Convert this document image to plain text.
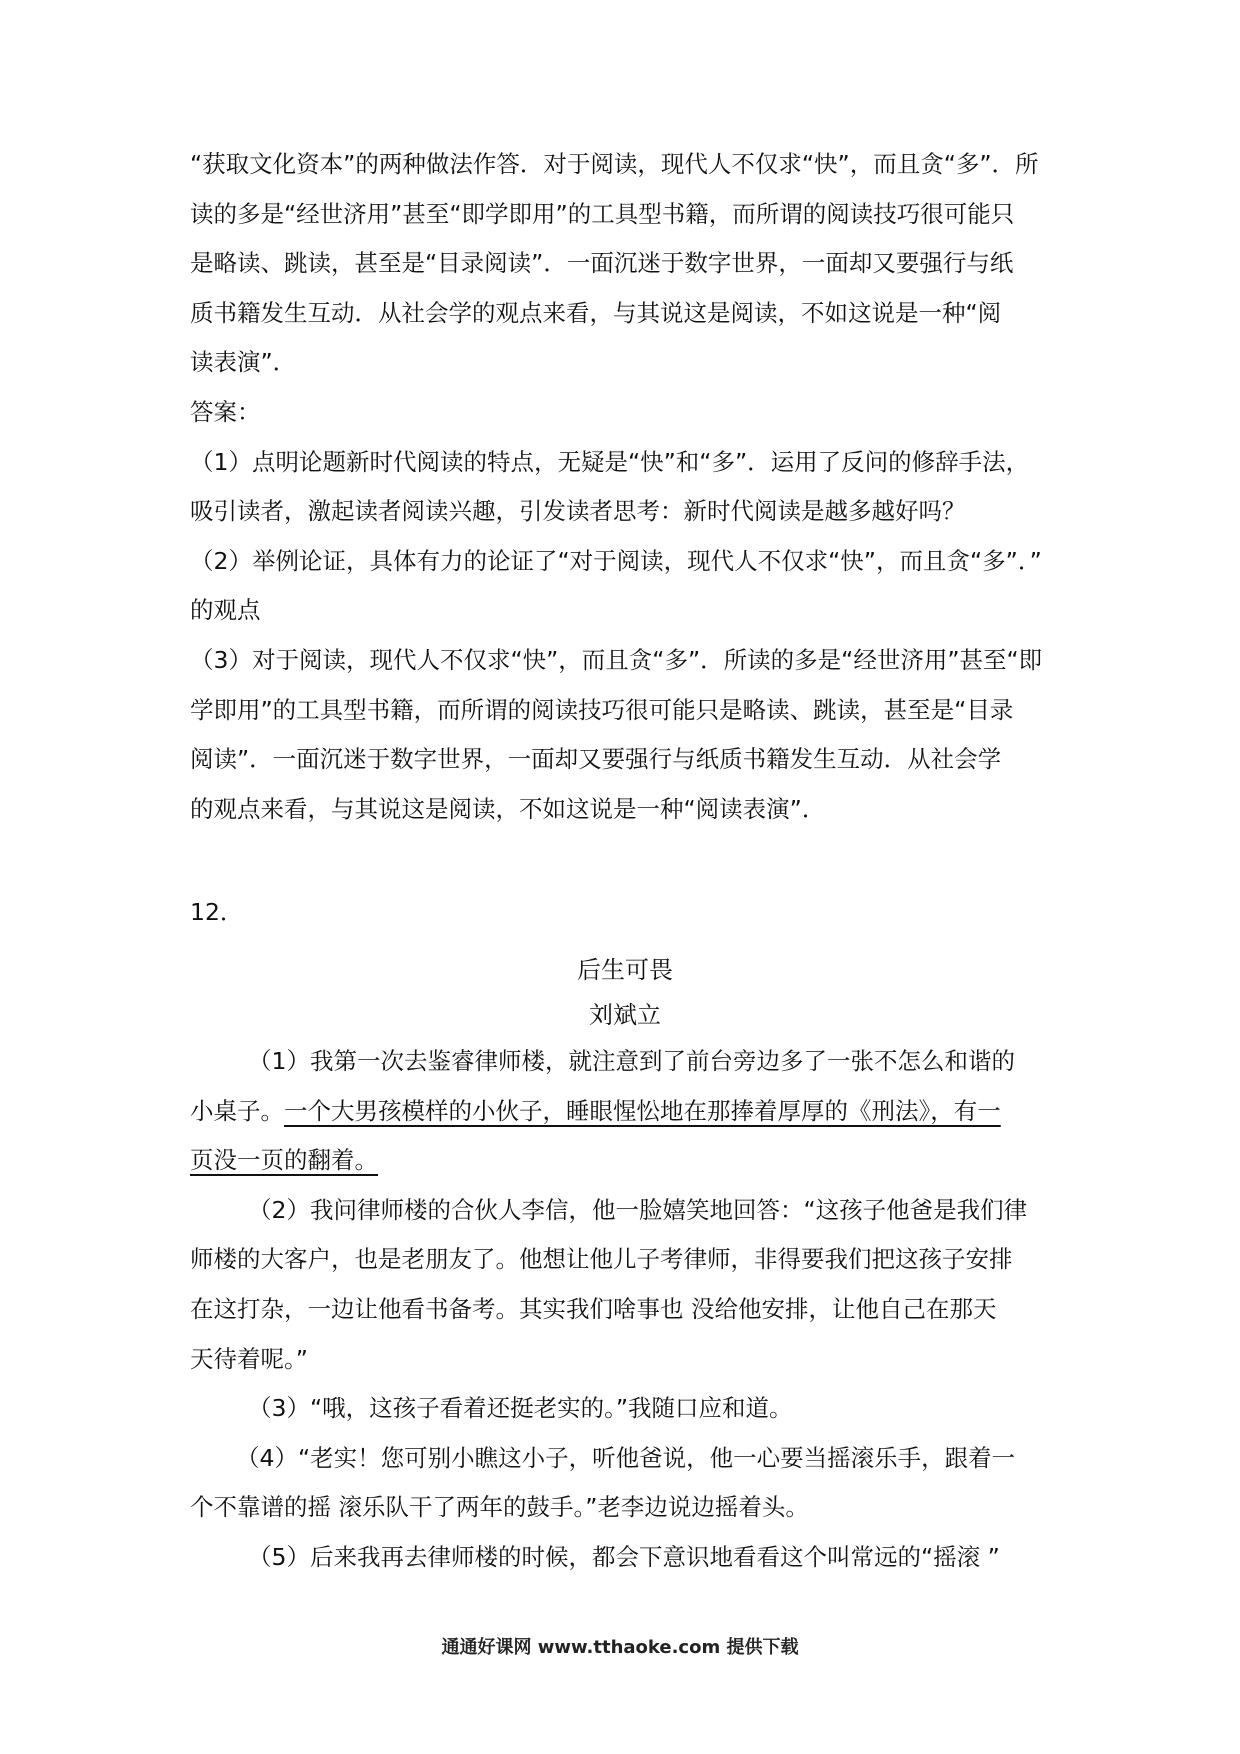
“获取文化资本”的两种做法作答．对于阅读，现代人不仅求“快”，而且贪“多”．所
读的多是“经世济用”甚至“即学即用”的工具型书籍，而所谓的阅读技巧很可能只
是略读、跳读，甚至是“目录阅读”．一面沉迷于数字世界，一面却又要强行与纸
质书籍发生互动．从社会学的观点来看，与其说这是阅读，不如这说是一种“阅
读表演”．
答案：
（1）点明论题新时代阅读的特点，无疑是“快”和“多”．运用了反问的修辞手法，
吸引读者，激起读者阅读兴趣，引发读者思考：新时代阅读是越多越好吗？
（2）举例论证，具体有力的论证了“对于阅读，现代人不仅求“快”，而且贪“多”．”
的观点
（3）对于阅读，现代人不仅求“快”，而且贪“多”．所读的多是“经世济用”甚至“即
学即用”的工具型书籍，而所谓的阅读技巧很可能只是略读、跳读，甚至是“目录
阅读”．一面沉迷于数字世界，一面却又要强行与纸质书籍发生互动．从社会学
的观点来看，与其说这是阅读，不如这说是一种“阅读表演”．
12．
后生可畏
刘斌立
（1）我第一次去鉴睿律师楼，就注意到了前台旁边多了一张不怎么和谐的
小桌子。一个大男孩模样的小伙子，睡眼惺忪地在那捧着厚厚的《刑法》，有一
页没一页的翻着。
（2）我问律师楼的合伙人李信，他一脸嬉笑地回答：“这孩子他爸是我们律
师楼的大客户，也是老朋友了。他想让他儿子考律师，非得要我们把这孩子安排
在这打杂，一边让他看书备考。其实我们啥事也 没给他安排，让他自己在那天
天待着呢。”
（3）“哦，这孩子看着还挺老实的。”我随口应和道。
（4）“老实！您可别小瞧这小子，听他爸说，他一心要当摇滚乐手，跟着一
个不靠谱的摇 滚乐队干了两年的鼓手。”老李边说边摇着头。
（5）后来我再去律师楼的时候，都会下意识地看看这个叫常远的“摇滚 ”
通通好课网 www.tthaoke.com 提供下载
